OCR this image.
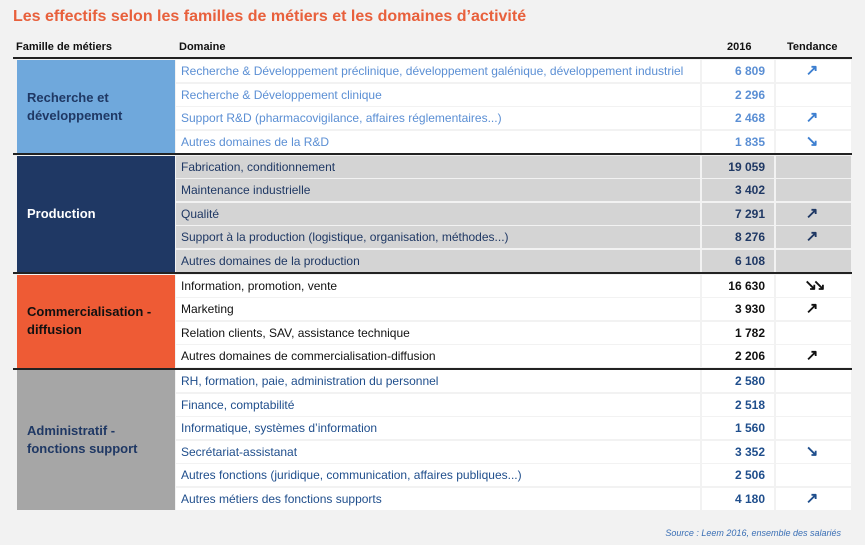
Les effectifs selon les familles de métiers et les domaines d’activité
Famille de métiers	Domaine	2016	Tendance
Recherche et développement
Recherche & Développement préclinique, développement galénique, développement industriel	6 809	↗
Recherche & Développement clinique	2 296
Support R&D (pharmacovigilance, affaires réglementaires...)	2 468	↗
Autres domaines de la R&D	1 835	↘
Production
Fabrication, conditionnement	19 059
Maintenance industrielle	3 402
Qualité	7 291	↗
Support à la production (logistique, organisation, méthodes...)	8 276	↗
Autres domaines de la production	6 108
Commercialisation - diffusion
Information, promotion, vente	16 630	↘↘
Marketing	3 930	↗
Relation clients, SAV, assistance technique	1 782
Autres domaines de commercialisation-diffusion	2 206	↗
Administratif - fonctions support
RH, formation, paie, administration du personnel	2 580
Finance, comptabilité	2 518
Informatique, systèmes d’information	1 560
Secrétariat-assistanat	3 352	↘
Autres fonctions (juridique, communication, affaires publiques...)	2 506
Autres métiers des fonctions supports	4 180	↗
Source : Leem 2016, ensemble des salariés
